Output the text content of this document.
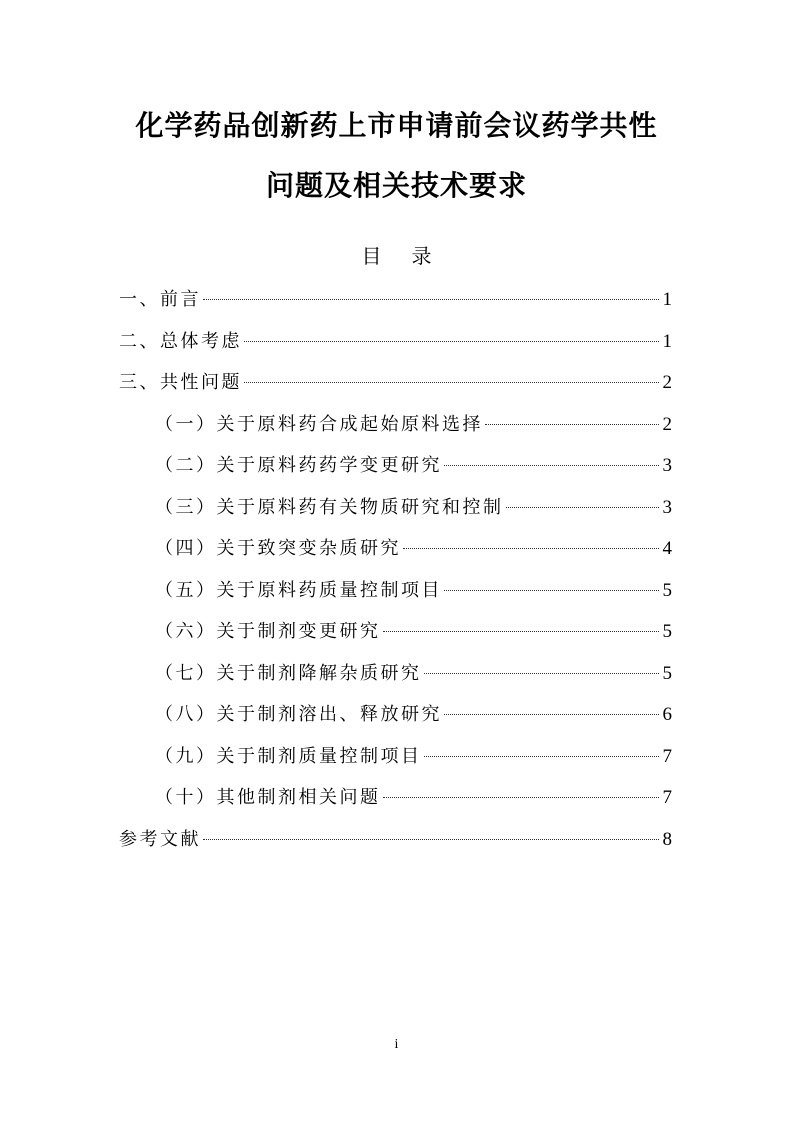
化学药品创新药上市申请前会议药学共性
问题及相关技术要求
目 录
一、前言	1
二、总体考虑	1
三、共性问题	2
（一）关于原料药合成起始原料选择	2
（二）关于原料药药学变更研究	3
（三）关于原料药有关物质研究和控制	3
（四）关于致突变杂质研究	4
（五）关于原料药质量控制项目	5
（六）关于制剂变更研究	5
（七）关于制剂降解杂质研究	5
（八）关于制剂溶出、释放研究	6
（九）关于制剂质量控制项目	7
（十）其他制剂相关问题	7
参考文献	8
i
